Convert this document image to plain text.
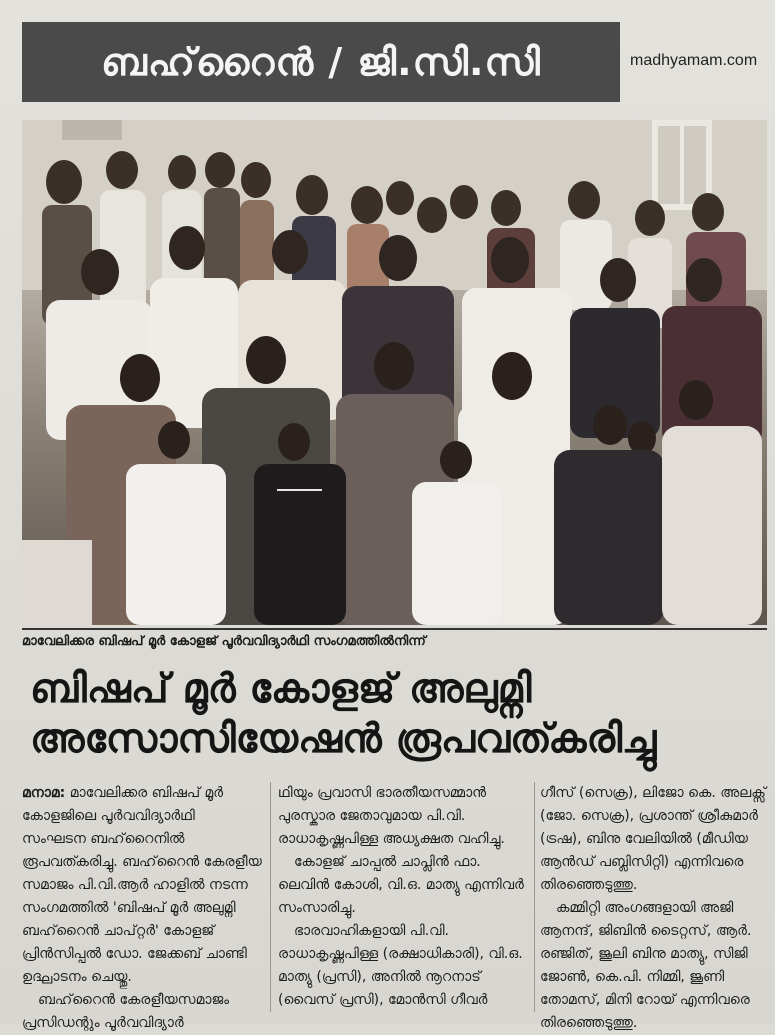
ബഹ്‌റൈൻ / ജി.സി.സി	madhyamam.com
മാവേലിക്കര ബിഷപ് മൂർ കോളജ് പൂർവവിദ്യാർഥി സംഗമത്തിൽനിന്ന്
ബിഷപ് മൂർ കോളജ് അലുമ്നി
അസോസിയേഷൻ രൂപവത്കരിച്ചു

മനാമ: മാവേലിക്കര ബിഷപ് മൂർ കോളജിലെ പൂർവവിദ്യാർഥി സംഘടന ബഹ്‌റൈനിൽ രൂപവത്കരിച്ചു. ബഹ്‌റൈൻ കേരളീയ സമാജം പി.വി.ആർ ഹാളിൽ നടന്ന സംഗമത്തിൽ 'ബിഷപ് മൂർ അലുമ്നി ബഹ്‌റൈൻ ചാപ്റ്റർ' കോളജ് പ്രിൻസിപ്പൽ ഡോ. ജേക്കബ് ചാണ്ടി ഉദ്ഘാടനം ചെയ്തു.

ബഹ്‌റൈൻ കേരളീയസമാജം പ്രസിഡന്റും പൂർവവിദ്യാർ

ഥിയും പ്രവാസി ഭാരതീയസമ്മാൻ പുരസ്കാര ജേതാവുമായ പി.വി. രാധാകൃഷ്ണപിള്ള അധ്യക്ഷത വഹിച്ചു.

കോളജ് ചാപ്പൽ ചാപ്ലിൻ ഫാ. ലെവിൻ കോശി, വി.ഒ. മാത്യു എന്നിവർ സംസാരിച്ചു.

ഭാരവാഹികളായി പി.വി. രാധാകൃഷ്ണപിള്ള (രക്ഷാധികാരി), വി.ഒ. മാത്യു (പ്രസി), അനിൽ നൂറനാട് (വൈസ് പ്രസി), മോൻസി ഗീവർ

ഗീസ് (സെക്ര), ലിജോ കെ. അലക്സ് (ജോ. സെക്ര), പ്രശാന്ത് ശ്രീകുമാർ (ട്രഷ), ബിനു വേലിയിൽ (മീഡിയ ആൻഡ് പബ്ലിസിറ്റി) എന്നിവരെ തിരഞ്ഞെടുത്തു.

കമ്മിറ്റി അംഗങ്ങളായി അജി ആനന്ദ്, ജിബിൻ ടൈറ്റസ്, ആർ. രഞ്ജിത്, ജൂലി ബിനു മാത്യു, സിജി ജോൺ, കെ.പി. നിമ്മി, ജൂണി തോമസ്, മിനി റോയ് എന്നിവരെ തിരഞ്ഞെടുത്തു.
